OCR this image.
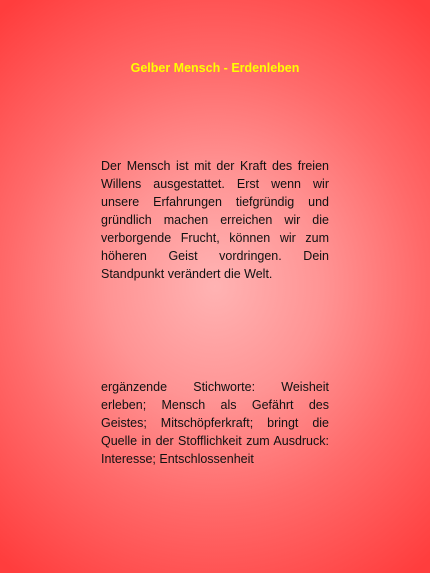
Gelber Mensch - Erdenleben
Der Mensch ist mit der Kraft des freien Willens ausgestattet. Erst wenn wir unsere Erfahrungen tiefgründig und gründlich machen erreichen wir die verborgende Frucht, können wir zum höheren Geist vordringen. Dein Standpunkt verändert die Welt.
ergänzende Stichworte: Weisheit erleben; Mensch als Gefährt des Geistes; Mitschöpferkraft; bringt die Quelle in der Stofflichkeit zum Ausdruck: Interesse; Entschlossenheit
